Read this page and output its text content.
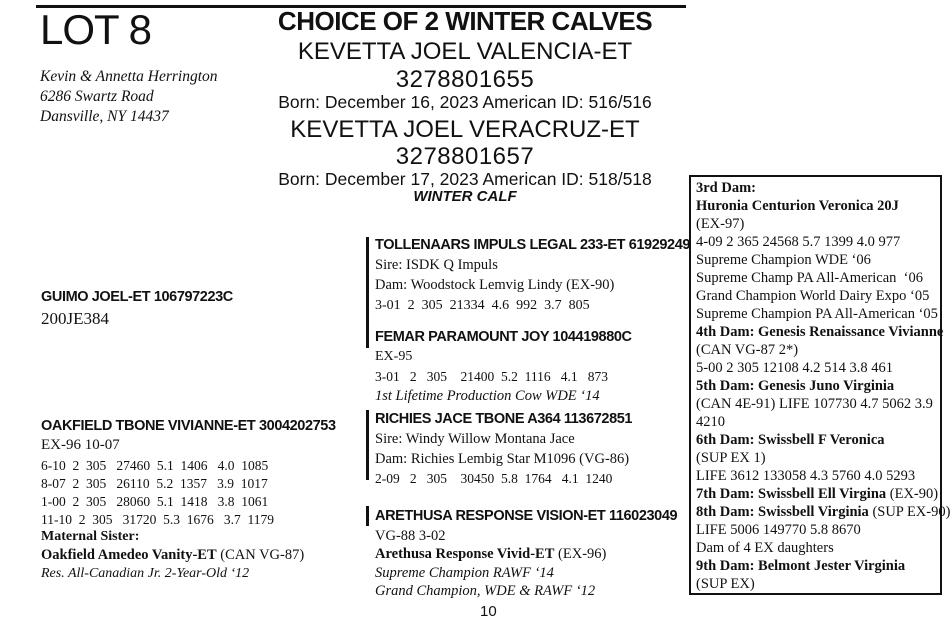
LOT 8
Kevin & Annetta Herrington
6286 Swartz Road
Dansville, NY 14437
CHOICE OF 2 WINTER CALVES
KEVETTA JOEL VALENCIA-ET
3278801655
Born: December 16, 2023 American ID: 516/516
KEVETTA JOEL VERACRUZ-ET
3278801657
Born: December 17, 2023 American ID: 518/518
WINTER CALF
GUIMO JOEL-ET 106797223C
200JE384
OAKFIELD TBONE VIVIANNE-ET 3004202753
EX-96 10-07
6-10  2  305   27460  5.1  1406   4.0  1085
8-07  2  305   26110  5.2  1357   3.9  1017
1-00  2  305   28060  5.1  1418   3.8  1061
11-10  2  305   31720  5.3  1676   3.7  1179
Maternal Sister:
Oakfield Amedeo Vanity-ET (CAN VG-87)
Res. All-Canadian Jr. 2-Year-Old ‘12
TOLLENAARS IMPULS LEGAL 233-ET 61929249
Sire: ISDK Q Impuls
Dam: Woodstock Lemvig Lindy (EX-90)
3-01  2  305  21334  4.6  992  3.7  805
FEMAR PARAMOUNT JOY 104419880C
EX-95
3-01   2   305    21400  5.2  1116   4.1   873
1st Lifetime Production Cow WDE ‘14
RICHIES JACE TBONE A364 113672851
Sire: Windy Willow Montana Jace
Dam: Richies Lembig Star M1096 (VG-86)
2-09   2   305    30450  5.8  1764   4.1  1240
ARETHUSA RESPONSE VISION-ET 116023049
VG-88 3-02
Arethusa Response Vivid-ET (EX-96)
Supreme Champion RAWF ‘14
Grand Champion, WDE & RAWF ‘12
3rd Dam:
Huronia Centurion Veronica 20J
(EX-97)
4-09 2 365 24568 5.7 1399 4.0 977
Supreme Champion WDE ‘06
Supreme Champ PA All-American  ‘06
Grand Champion World Dairy Expo ‘05
Supreme Champion PA All-American ‘05
4th Dam: Genesis Renaissance Vivianne
(CAN VG-87 2*)
5-00 2 305 12108 4.2 514 3.8 461
5th Dam: Genesis Juno Virginia
(CAN 4E-91) LIFE 107730 4.7 5062 3.9
4210
6th Dam: Swissbell F Veronica
(SUP EX 1)
LIFE 3612 133058 4.3 5760 4.0 5293
7th Dam: Swissbell Ell Virgina (EX-90)
8th Dam: Swissbell Virginia (SUP EX-90)
LIFE 5006 149770 5.8 8670
Dam of 4 EX daughters
9th Dam: Belmont Jester Virginia
(SUP EX)
10
